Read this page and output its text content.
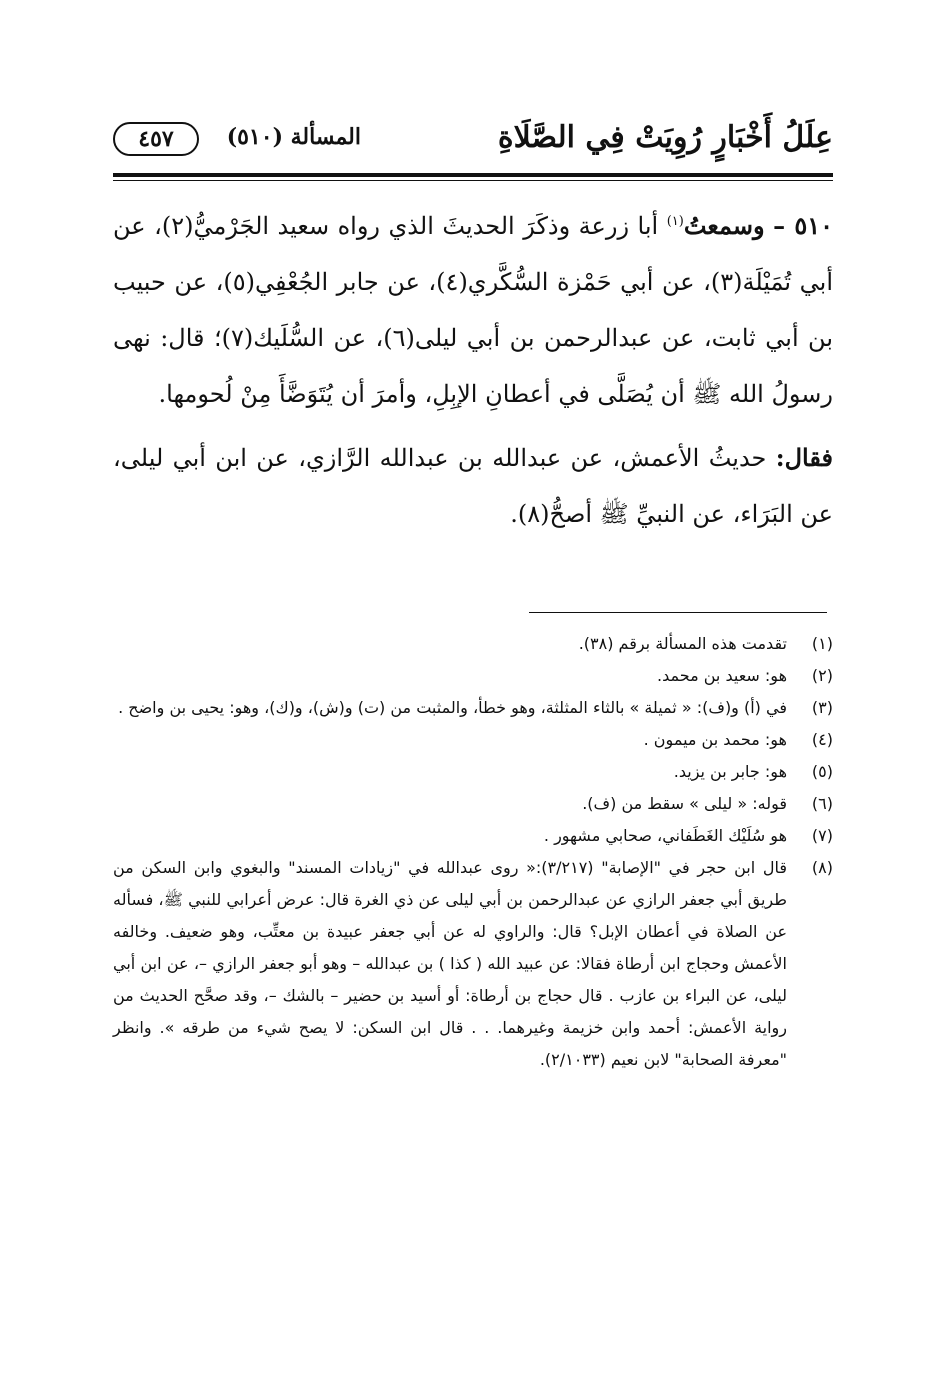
عِلَلُ أَخْبَارٍ رُوِيَتْ فِي الصَّلَاةِ
المسألة (٥١٠)
٤٥٧

٥١٠ – وسمعتُ$^{(١)}$ أبا زرعة وذكَرَ الحديثَ الذي رواه سعيد الجَرْميُّ(٢)، عن أبي تُمَيْلَة(٣)، عن أبي حَمْزة السُّكَّري(٤)، عن جابر الجُعْفِي(٥)، عن حبيب بن أبي ثابت، عن عبدالرحمن بن أبي ليلى(٦)، عن السُّلَيك(٧)؛ قال: نهى رسولُ الله ﷺ أن يُصَلَّى في أعطانِ الإبِلِ، وأمرَ أن يُتَوَضَّأَ مِنْ لُحومها.

فقال: حديثُ الأعمش، عن عبدالله بن عبدالله الرَّازي، عن ابن أبي ليلى، عن البَرَاء، عن النبيِّ ﷺ أصحُّ(٨).

(١)
تقدمت هذه المسألة برقم (٣٨).
(٢)
هو: سعيد بن محمد.
(٣)
في (أ) و(ف): « ثميلة » بالثاء المثلثة، وهو خطأ، والمثبت من (ت) و(ش)، و(ك)، وهو: يحيى بن واضح .
(٤)
هو: محمد بن ميمون .
(٥)
هو: جابر بن يزيد.
(٦)
قوله: « ليلى » سقط من (ف).
(٧)
هو سُلَيْك الغَطَفاني، صحابي مشهور .
(٨)
قال ابن حجر في "الإصابة" (٣/٢١٧):« روى عبدالله في "زيادات المسند" والبغوي وابن السكن من طريق أبي جعفر الرازي عن عبدالرحمن بن أبي ليلى عن ذي الغرة قال: عرض أعرابي للنبي ﷺ، فسأله عن الصلاة في أعطان الإبل؟ قال: والراوي له عن أبي جعفر عبيدة بن معتِّب، وهو ضعيف. وخالفه الأعمش وحجاج ابن أرطاة فقالا: عن عبيد الله ( كذا ) بن عبدالله – وهو أبو جعفر الرازي –، عن ابن أبي ليلى، عن البراء بن عازب . قال حجاج بن أرطاة: أو أسيد بن حضير – بالشك –، وقد صحَّح الحديث من رواية الأعمش: أحمد وابن خزيمة وغيرهما. . . قال ابن السكن: لا يصح شيء من طرقه ». وانظر "معرفة الصحابة" لابن نعيم (٢/١٠٣٣).
